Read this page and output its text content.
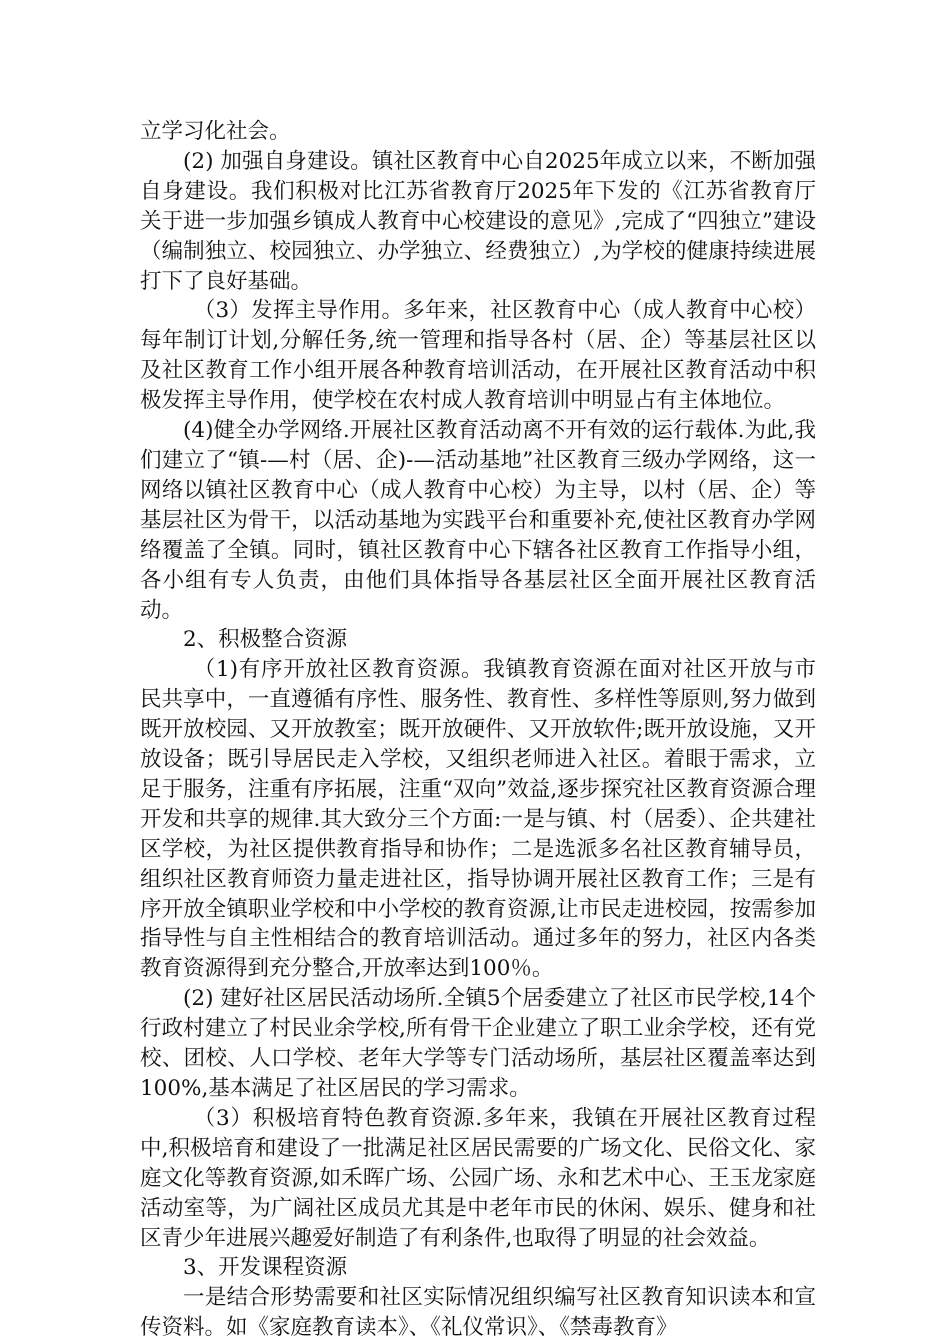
立学习化社会。

(2) 加强自身建设。镇社区教育中心自2025年成立以来，不断加强自身建设。我们积极对比江苏省教育厅2025年下发的《江苏省教育厅关于进一步加强乡镇成人教育中心校建设的意见》,完成了“四独立”建设（编制独立、校园独立、办学独立、经费独立）,为学校的健康持续进展打下了良好基础。

（3）发挥主导作用。多年来，社区教育中心（成人教育中心校）每年制订计划,分解任务,统一管理和指导各村（居、企）等基层社区以及社区教育工作小组开展各种教育培训活动，在开展社区教育活动中积极发挥主导作用，使学校在农村成人教育培训中明显占有主体地位。

(4)健全办学网络.开展社区教育活动离不开有效的运行载体.为此,我们建立了“镇-—村（居、企)-—活动基地”社区教育三级办学网络，这一网络以镇社区教育中心（成人教育中心校）为主导，以村（居、企）等基层社区为骨干，以活动基地为实践平台和重要补充,使社区教育办学网络覆盖了全镇。同时，镇社区教育中心下辖各社区教育工作指导小组，各小组有专人负责，由他们具体指导各基层社区全面开展社区教育活动。

2、积极整合资源

（1)有序开放社区教育资源。我镇教育资源在面对社区开放与市民共享中，一直遵循有序性、服务性、教育性、多样性等原则,努力做到既开放校园、又开放教室；既开放硬件、又开放软件;既开放设施，又开放设备；既引导居民走入学校，又组织老师进入社区。着眼于需求，立足于服务，注重有序拓展，注重“双向”效益,逐步探究社区教育资源合理开发和共享的规律.其大致分三个方面:一是与镇、村（居委）、企共建社区学校，为社区提供教育指导和协作；二是选派多名社区教育辅导员，组织社区教育师资力量走进社区，指导协调开展社区教育工作；三是有序开放全镇职业学校和中小学校的教育资源,让市民走进校园，按需参加指导性与自主性相结合的教育培训活动。通过多年的努力，社区内各类教育资源得到充分整合,开放率达到100％。

(2) 建好社区居民活动场所.全镇5个居委建立了社区市民学校,14个行政村建立了村民业余学校,所有骨干企业建立了职工业余学校，还有党校、团校、人口学校、老年大学等专门活动场所，基层社区覆盖率达到100%,基本满足了社区居民的学习需求。

（3）积极培育特色教育资源.多年来，我镇在开展社区教育过程中,积极培育和建设了一批满足社区居民需要的广场文化、民俗文化、家庭文化等教育资源,如禾晖广场、公园广场、永和艺术中心、王玉龙家庭活动室等，为广阔社区成员尤其是中老年市民的休闲、娱乐、健身和社区青少年进展兴趣爱好制造了有利条件,也取得了明显的社会效益。

3、开发课程资源

一是结合形势需要和社区实际情况组织编写社区教育知识读本和宣传资料。如《家庭教育读本》、《礼仪常识》、《禁毒教育》
